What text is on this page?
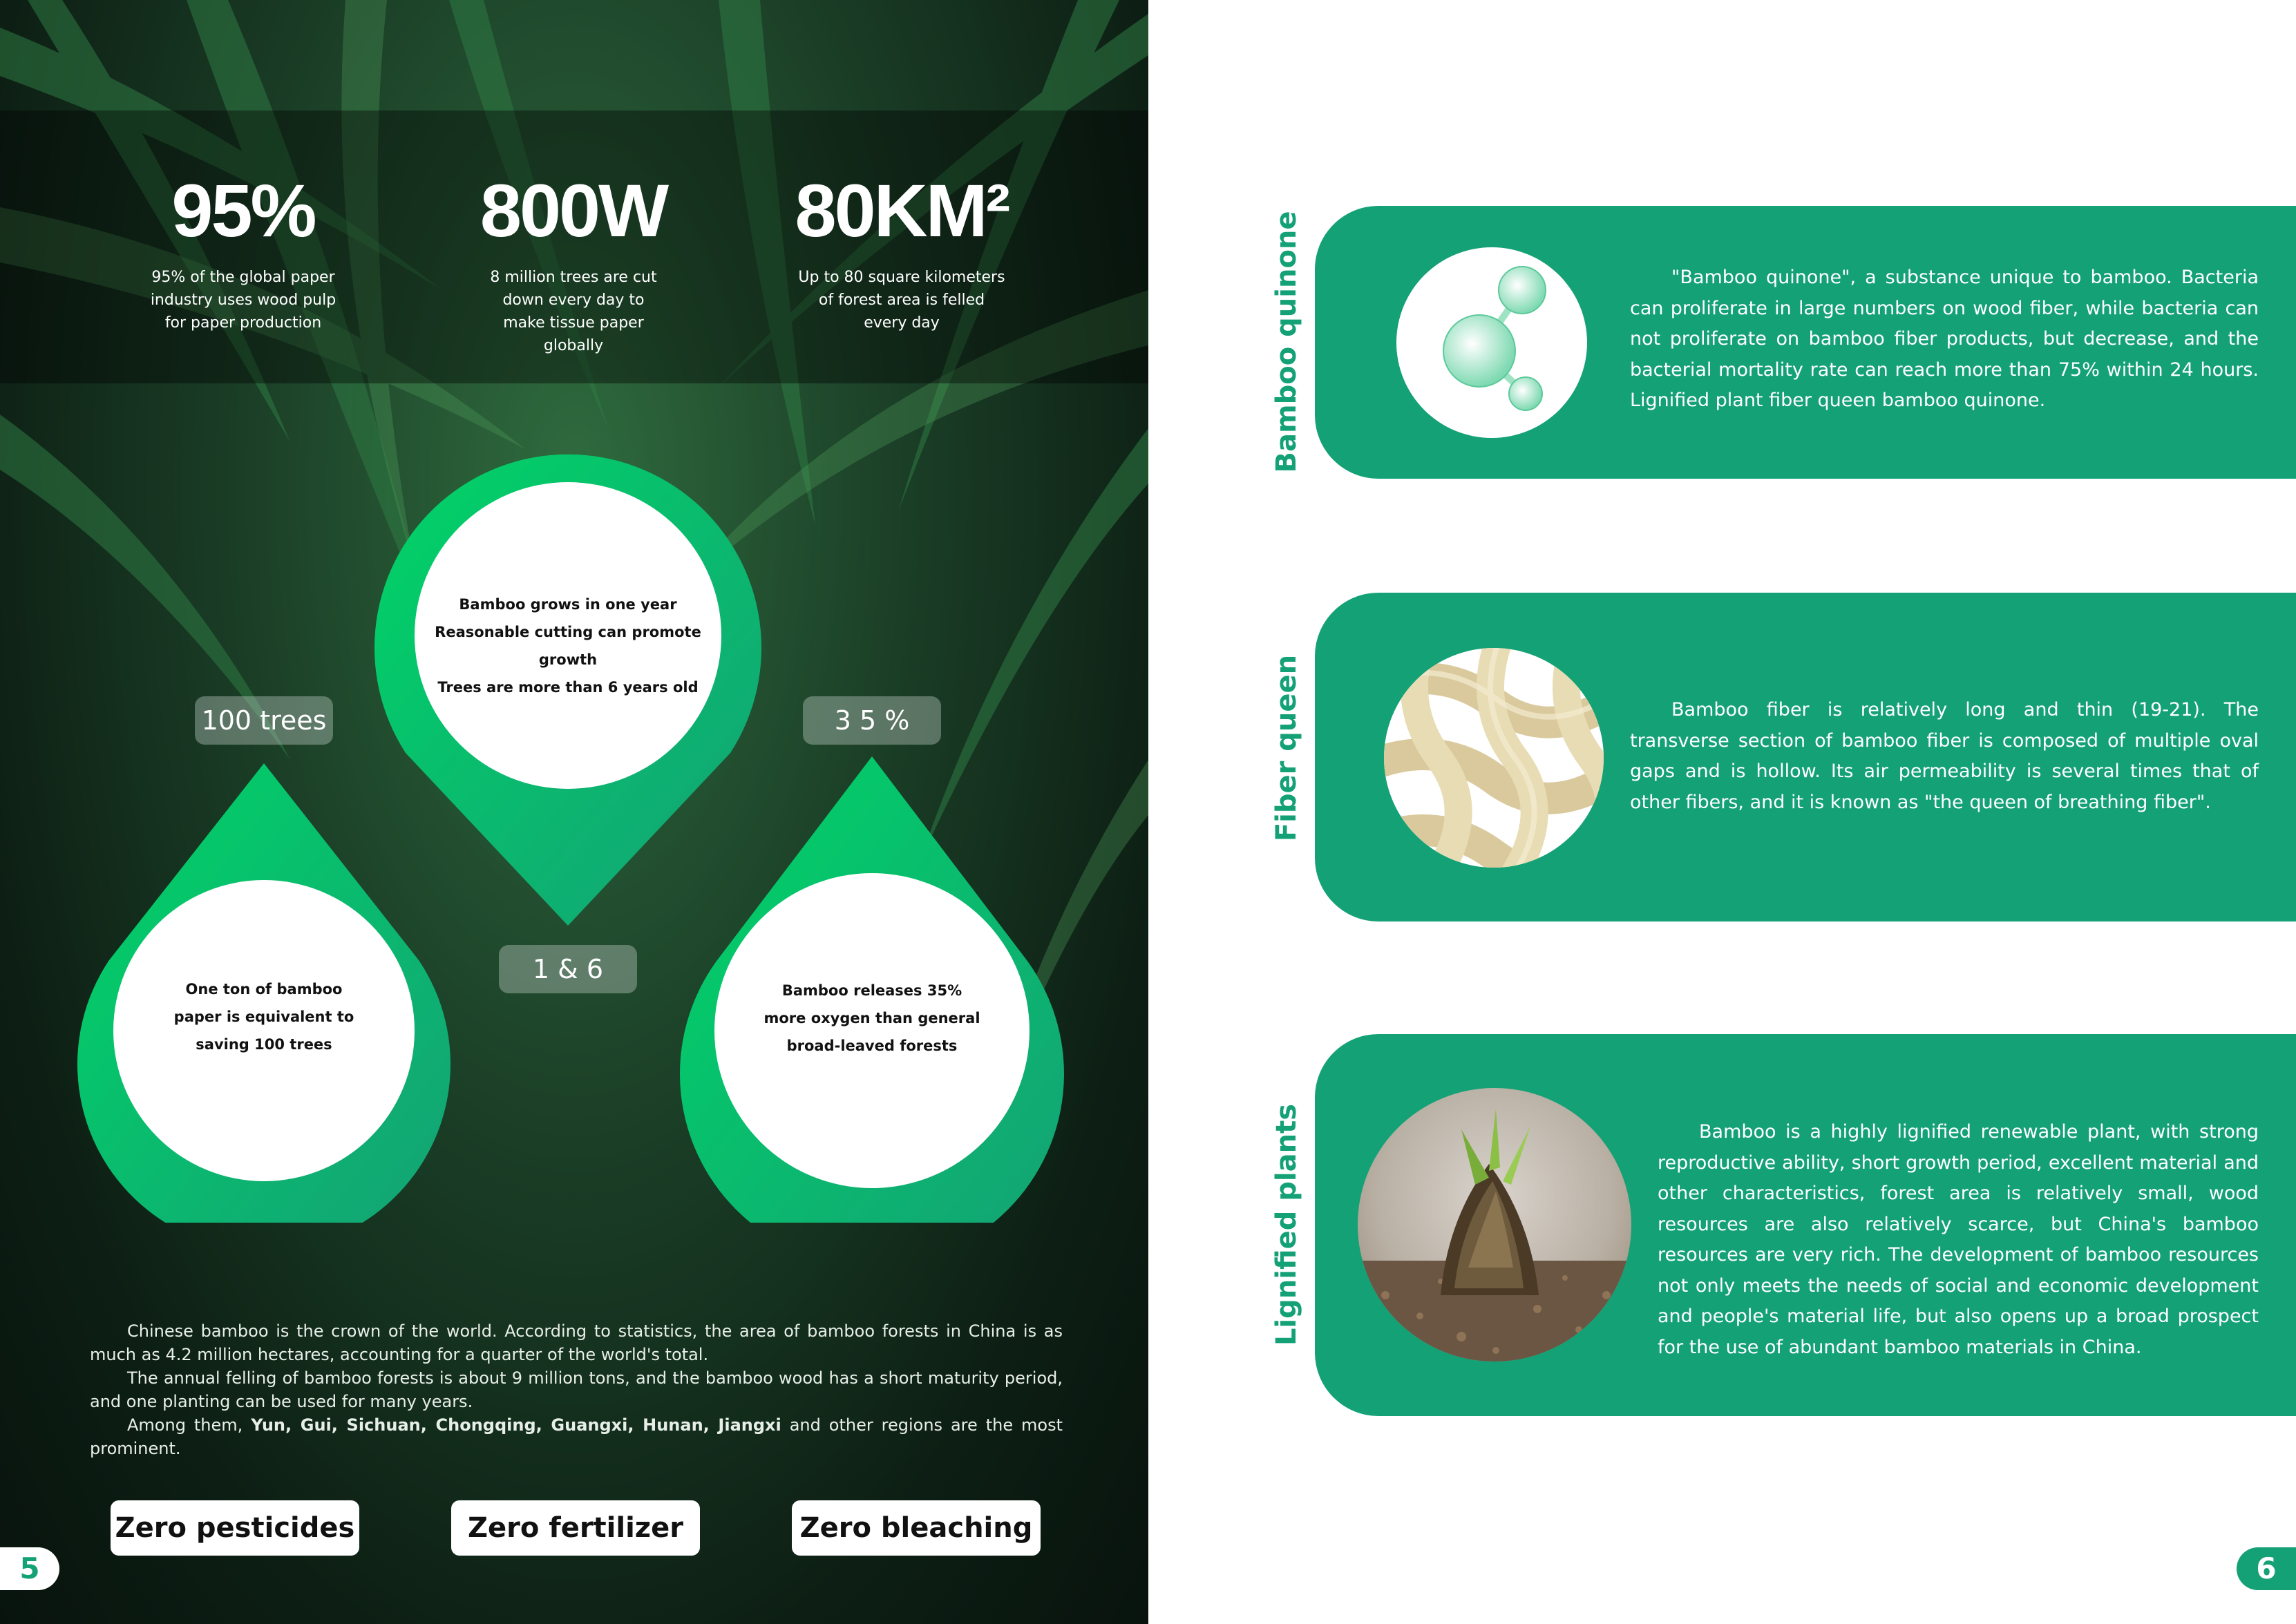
95%
95% of the global paper industry uses wood pulp for paper production
800W
8 million trees are cut down every day to make tissue paper globally
80KM²
Up to 80 square kilometers of forest area is felled every day
Bamboo grows in one year
Reasonable cutting can promote growth
Trees are more than 6 years old
One ton of bamboo
paper is equivalent to
saving 100 trees
Bamboo releases 35%
more oxygen than general
broad-leaved forests
100 trees	3 5 %
1 & 6

Chinese bamboo is the crown of the world. According to statistics, the area of bamboo forests in China is as much as 4.2 million hectares, accounting for a quarter of the world's total.

The annual felling of bamboo forests is about 9 million tons, and the bamboo wood has a short maturity period, and one planting can be used for many years.

Among them, Yun, Gui, Sichuan, Chongqing, Guangxi, Hunan, Jiangxi and other regions are the most prominent.

Zero pesticides	Zero fertilizer	Zero bleaching
5
Bamboo quinone	"Bamboo quinone", a substance unique to bamboo. Bacteria can proliferate in large numbers on wood fiber, while bacteria can not proliferate on bamboo fiber products, but decrease, and the bacterial mortality rate can reach more than 75% within 24 hours. Lignified plant fiber queen bamboo quinone.

Fiber queen	Bamboo fiber is relatively long and thin (19-21). The transverse section of bamboo fiber is composed of multiple oval gaps and is hollow. Its air permeability is several times that of other fibers, and it is known as "the queen of breathing fiber".

Lignified plants	Bamboo is a highly lignified renewable plant, with strong reproductive ability, short growth period, excellent material and other characteristics, forest area is relatively small, wood resources are also relatively scarce, but China's bamboo resources are very rich. The development of bamboo resources not only meets the needs of social and economic development and people's material life, but also opens up a broad prospect for the use of abundant bamboo materials in China.

6
